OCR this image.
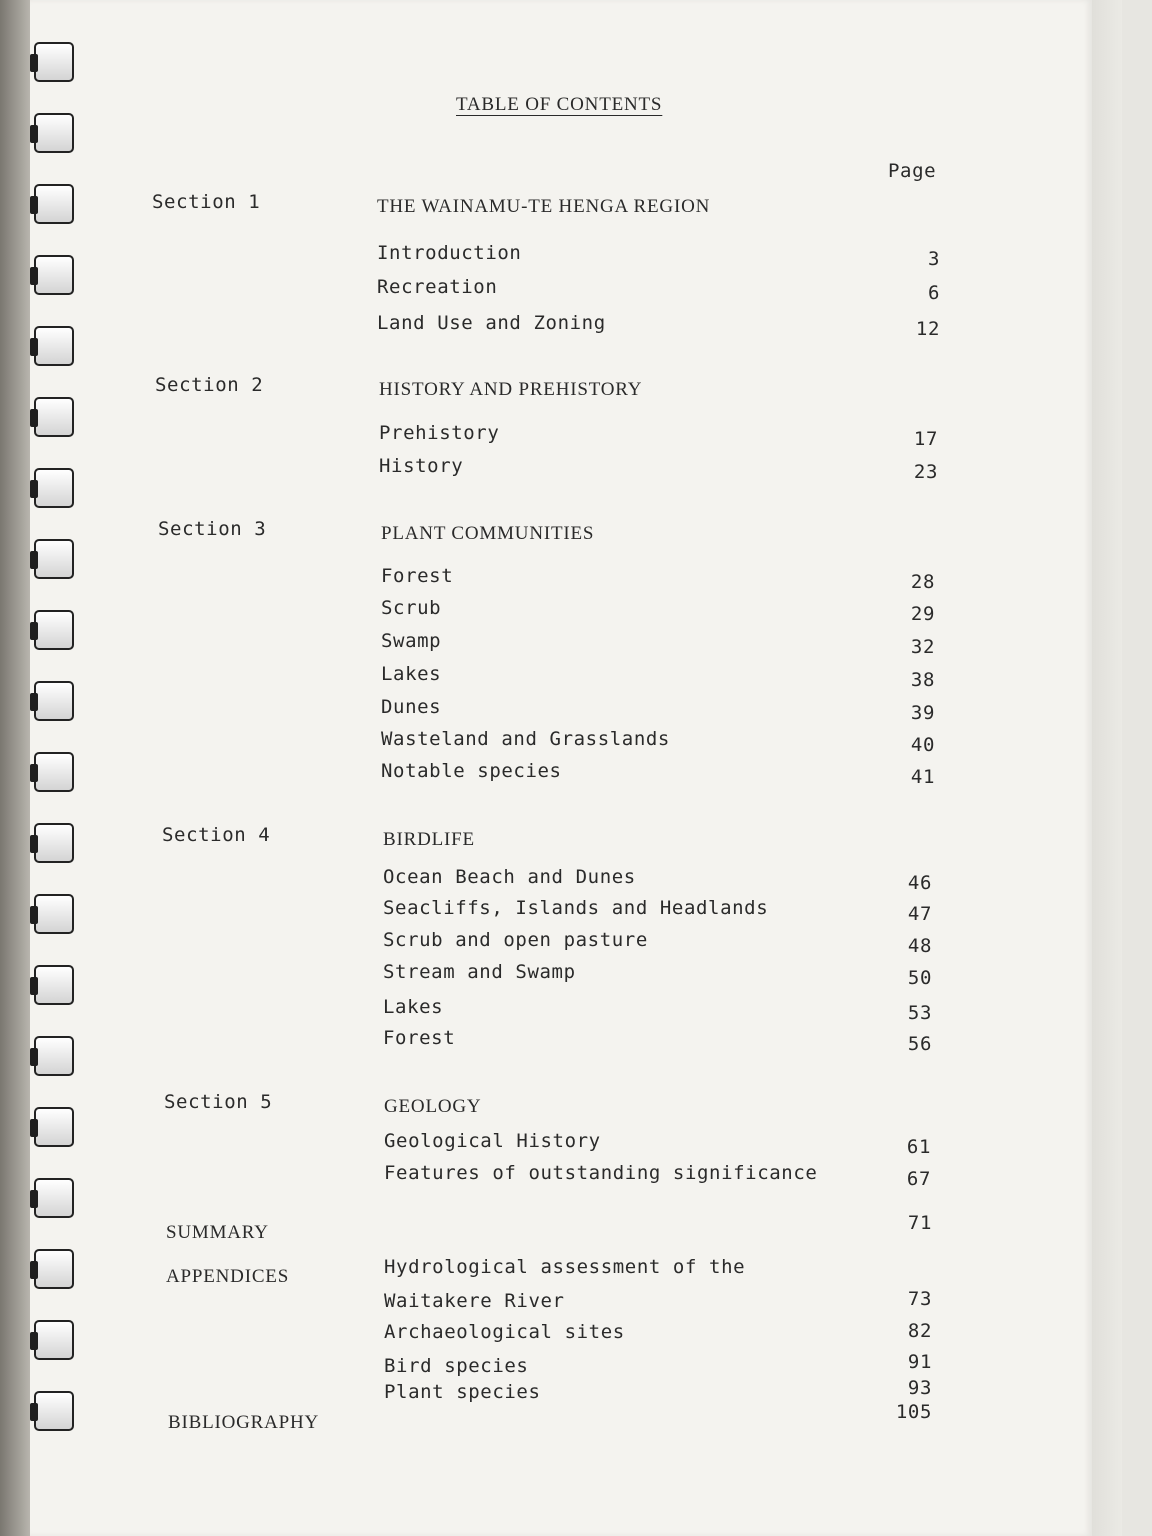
TABLE OF CONTENTS
Page
Section 1	THE WAINAMU-TE HENGA REGION
Introduction	3
Recreation	6
Land Use and Zoning	12
Section 2	HISTORY AND PREHISTORY
Prehistory	17
History	23
Section 3	PLANT COMMUNITIES
Forest	28
Scrub	29
Swamp	32
Lakes	38
Dunes	39
Wasteland and Grasslands	40
Notable species	41
Section 4	BIRDLIFE
Ocean Beach and Dunes	46
Seacliffs, Islands and Headlands	47
Scrub and open pasture	48
Stream and Swamp	50
Lakes	53
Forest	56
Section 5	GEOLOGY
Geological History	61
Features of outstanding significance	67
SUMMARY	71
APPENDICES	Hydrological assessment of the
Waitakere River	73
Archaeological sites	82
Bird species	91
Plant species	93
BIBLIOGRAPHY	105
